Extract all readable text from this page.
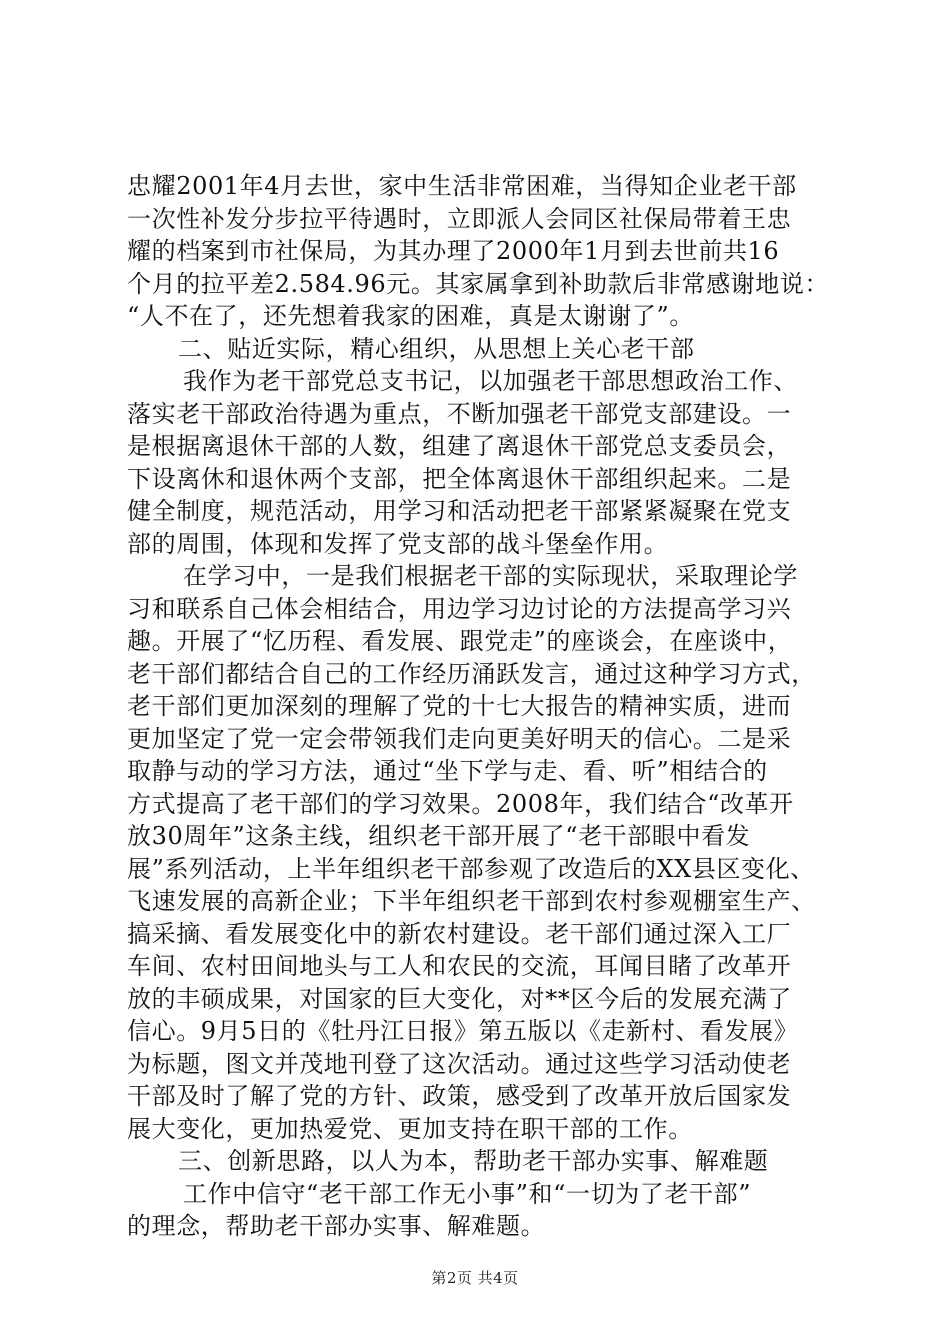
忠耀2001年4月去世，家中生活非常困难，当得知企业老干部
一次性补发分步拉平待遇时，立即派人会同区社保局带着王忠
耀的档案到市社保局，为其办理了2000年1月到去世前共16
个月的拉平差2.584.96元。其家属拿到补助款后非常感谢地说：
“人不在了，还先想着我家的困难，真是太谢谢了”。
二、贴近实际，精心组织，从思想上关心老干部
我作为老干部党总支书记，以加强老干部思想政治工作、
落实老干部政治待遇为重点，不断加强老干部党支部建设。一
是根据离退休干部的人数，组建了离退休干部党总支委员会，
下设离休和退休两个支部，把全体离退休干部组织起来。二是
健全制度，规范活动，用学习和活动把老干部紧紧凝聚在党支
部的周围，体现和发挥了党支部的战斗堡垒作用。
在学习中，一是我们根据老干部的实际现状，采取理论学
习和联系自己体会相结合，用边学习边讨论的方法提高学习兴
趣。开展了“忆历程、看发展、跟党走”的座谈会，在座谈中，
老干部们都结合自己的工作经历涌跃发言，通过这种学习方式，
老干部们更加深刻的理解了党的十七大报告的精神实质，进而
更加坚定了党一定会带领我们走向更美好明天的信心。二是采
取静与动的学习方法，通过“坐下学与走、看、听”相结合的
方式提高了老干部们的学习效果。2008年，我们结合“改革开
放30周年”这条主线，组织老干部开展了“老干部眼中看发
展”系列活动，上半年组织老干部参观了改造后的XX县区变化、
飞速发展的高新企业；下半年组织老干部到农村参观棚室生产、
搞采摘、看发展变化中的新农村建设。老干部们通过深入工厂
车间、农村田间地头与工人和农民的交流，耳闻目睹了改革开
放的丰硕成果，对国家的巨大变化，对**区今后的发展充满了
信心。9月5日的《牡丹江日报》第五版以《走新村、看发展》
为标题，图文并茂地刊登了这次活动。通过这些学习活动使老
干部及时了解了党的方针、政策，感受到了改革开放后国家发
展大变化，更加热爱党、更加支持在职干部的工作。
三、创新思路，以人为本，帮助老干部办实事、解难题
工作中信守“老干部工作无小事”和“一切为了老干部”
的理念，帮助老干部办实事、解难题。
第2页 共4页
